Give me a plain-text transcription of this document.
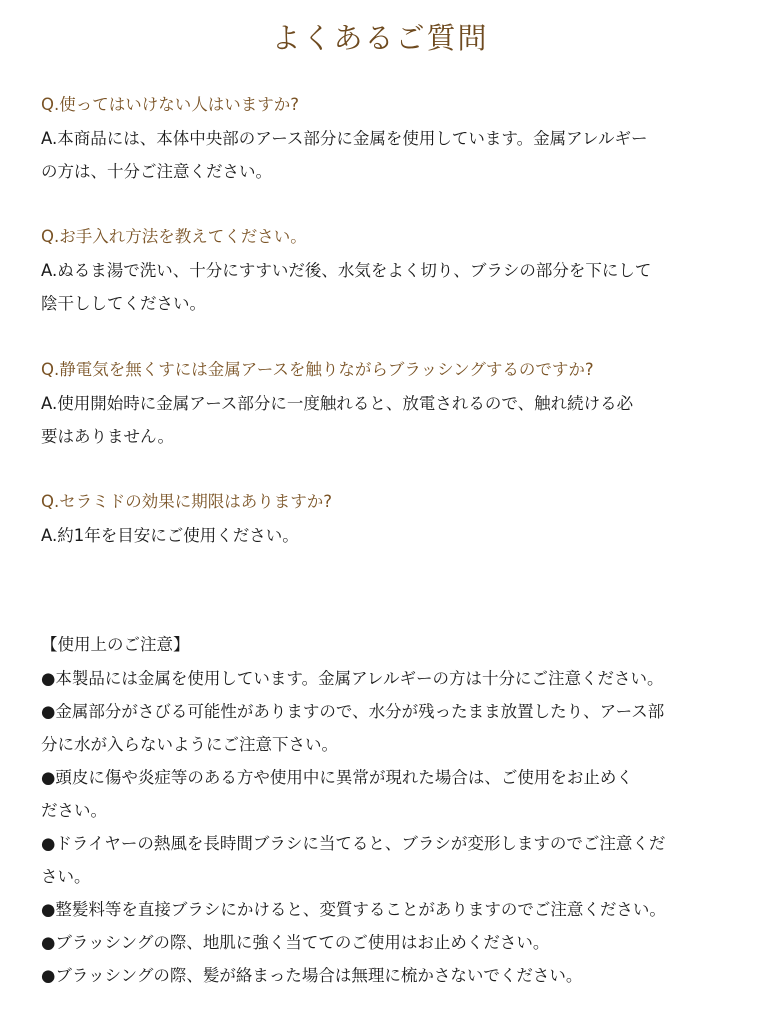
よくあるご質問
Q.使ってはいけない人はいますか?
A.本商品には、本体中央部のアース部分に金属を使用しています。金属アレルギー
の方は、十分ご注意ください。
Q.お手入れ方法を教えてください。
A.ぬるま湯で洗い、十分にすすいだ後、水気をよく切り、ブラシの部分を下にして
陰干ししてください。
Q.静電気を無くすには金属アースを触りながらブラッシングするのですか?
A.使用開始時に金属アース部分に一度触れると、放電されるので、触れ続ける必
要はありません。
Q.セラミドの効果に期限はありますか?
A.約1年を目安にご使用ください。
【使用上のご注意】
●本製品には金属を使用しています。金属アレルギーの方は十分にご注意ください。
●金属部分がさびる可能性がありますので、水分が残ったまま放置したり、アース部
分に水が入らないようにご注意下さい。
●頭皮に傷や炎症等のある方や使用中に異常が現れた場合は、ご使用をお止めく
ださい。
●ドライヤーの熱風を長時間ブラシに当てると、ブラシが変形しますのでご注意くだ
さい。
●整髪料等を直接ブラシにかけると、変質することがありますのでご注意ください。
●ブラッシングの際、地肌に強く当ててのご使用はお止めください。
●ブラッシングの際、髪が絡まった場合は無理に梳かさないでください。
